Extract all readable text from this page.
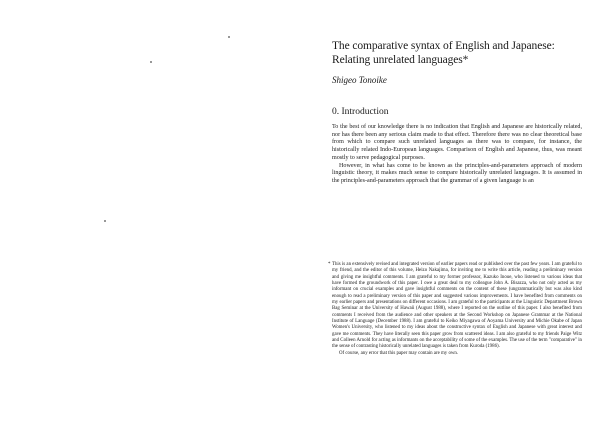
The comparative syntax of English and Japanese:
Relating unrelated languages*
Shigeo Tonoike
0. Introduction

To the best of our knowledge there is no indication that English and Japanese are historically related, nor has there been any serious claim made to that effect. Therefore there was no clear theoretical base from which to compare such unrelated languages as there was to compare, for instance, the historically related Indo-European languages. Comparison of English and Japanese, thus, was meant mostly to serve pedagogical purposes.

However, in what has come to be known as the principles-and-parameters approach of modern linguistic theory, it makes much sense to compare historically unrelated languages. It is assumed in the principles-and-parameters approach that the grammar of a given language is an

* This is an extensively revised and integrated version of earlier papers read or published over the past few years. I am grateful to my friend, and the editor of this volume, Heizo Nakajima, for inviting me to write this article, reading a preliminary version and giving me insightful comments. I am grateful to my former professor, Kazuko Inoue, who listened to various ideas that have formed the groundwork of this paper. I owe a great deal to my colleague John A. Bisazza, who not only acted as my informant on crucial examples and gave insightful comments on the content of these (ungrammatically but was also kind enough to read a preliminary version of this paper and suggested various improvements. I have benefited from comments on my earlier papers and presentations on different occasions. I am grateful to the participants at the Linguistic Department Brown Bag Seminar at the University of Hawaii (August 1988), where I reported on the outline of this paper. I also benefited from comments I received from the audience and other speakers at the Second Workshop on Japanese Grammar at the National Institute of Language (December 1988). I am grateful to Keiko Miyagawa of Aoyama University and Michie Okabe of Japan Women's University, who listened to my ideas about the constructive syntax of English and Japanese with great interest and gave me comments. They have literally seen this paper grow from scattered ideas. I am also grateful to my friends Paige Witz and Colleen Arnold for acting as informants on the acceptability of some of the examples. The use of the term "comparative" in the sense of contrasting historically unrelated languages is taken from Kuroda (1986).

Of course, any error that this paper may contain are my own.
